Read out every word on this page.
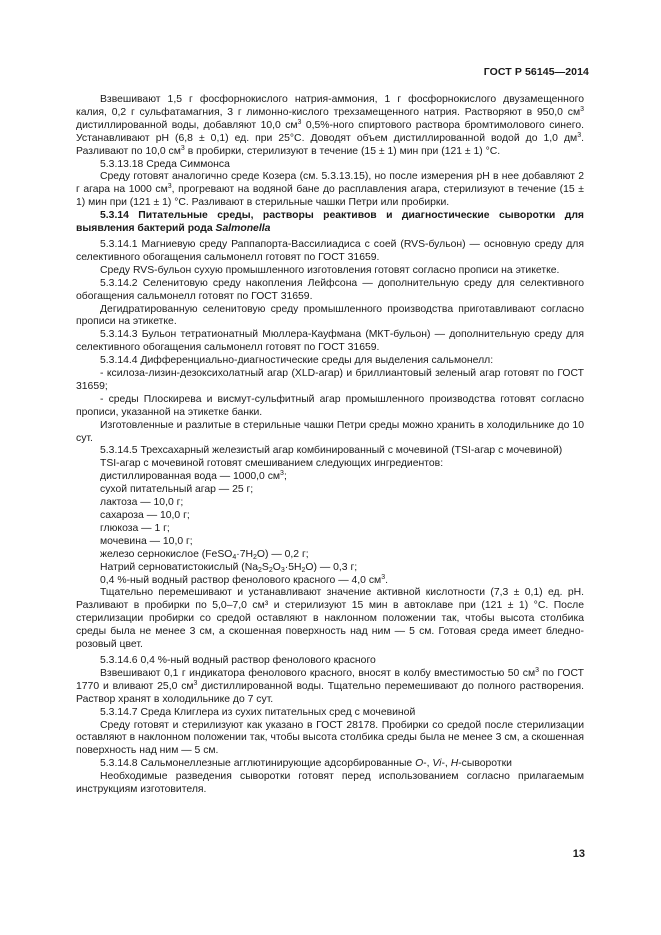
ГОСТ Р 56145—2014

Взвешивают 1,5 г фосфорнокислого натрия-аммония, 1 г фосфорнокислого двузамещенного калия, 0,2 г сульфатамагния, 3 г лимонно-кислого трехзамещенного натрия. Растворяют в 950,0 $см^3$ дистиллированной воды, добавляют 10,0 $см^3$ 0,5%-ного спиртового раствора бромтимолового синего. Устанавливают рН (6,8 ± 0,1) ед. при 25°С. Доводят объем дистиллированной водой до 1,0 $дм^3$. Разливают по 10,0 $см^3$ в пробирки, стерилизуют в течение (15 ± 1) мин при (121 ± 1) °С.

5.3.13.18 Среда Симмонса

Среду готовят аналогично среде Козера (см. 5.3.13.15), но после измерения рН в нее добавляют 2 г агара на 1000 $см^3$, прогревают на водяной бане до расплавления агара, стерилизуют в течение (15 ± 1) мин при (121 ± 1) °С. Разливают в стерильные чашки Петри или пробирки.

5.3.14 Питательные среды, растворы реактивов и диагностические сыворотки для выявления бактерий рода Salmonella

5.3.14.1 Магниевую среду Раппапорта-Вассилиадиса с соей (RVS-бульон) — основную среду для селективного обогащения сальмонелл готовят по ГОСТ 31659.

Среду RVS-бульон сухую промышленного изготовления готовят согласно прописи на этикетке.

5.3.14.2 Селенитовую среду накопления Лейфсона — дополнительную среду для селективного обогащения сальмонелл готовят по ГОСТ 31659.

Дегидратированную селенитовую среду промышленного производства приготавливают согласно прописи на этикетке.

5.3.14.3 Бульон тетратионатный Мюллера-Кауфмана (МКТ-бульон) — дополнительную среду для селективного обогащения сальмонелл готовят по ГОСТ 31659.

5.3.14.4 Дифференциально-диагностические среды для выделения сальмонелл:

- ксилоза-лизин-дезоксихолатный агар (XLD-агар) и бриллиантовый зеленый агар готовят по ГОСТ 31659;

- среды Плоскирева и висмут-сульфитный агар промышленного производства готовят согласно прописи, указанной на этикетке банки.

Изготовленные и разлитые в стерильные чашки Петри среды можно хранить в холодильнике до 10 сут.

5.3.14.5 Трехсахарный железистый агар комбинированный с мочевиной (TSI-агар с мочевиной)

TSI-агар с мочевиной готовят смешиванием следующих ингредиентов:

дистиллированная вода — 1000,0 $см^3$;

сухой питательный агар — 25 г;

лактоза — 10,0 г;

сахароза — 10,0 г;

глюкоза — 1 г;

мочевина — 10,0 г;

железо сернокислое $(FeSO_4\cdot 7H_2O)$ — 0,2 г;

Натрий серноватистокислый $(Na_2S_2O_3\cdot 5H_2O)$ — 0,3 г;

0,4 %-ный водный раствор фенолового красного — 4,0 $см^3$.

Тщательно перемешивают и устанавливают значение активной кислотности (7,3 ± 0,1) ед. рН. Разливают в пробирки по 5,0–7,0 см³ и стерилизуют 15 мин в автоклаве при (121 ± 1) °С. После стерилизации пробирки со средой оставляют в наклонном положении так, чтобы высота столбика среды была не менее 3 см, а скошенная поверхность над ним — 5 см. Готовая среда имеет бледно-розовый цвет.

5.3.14.6 0,4 %-ный водный раствор фенолового красного

Взвешивают 0,1 г индикатора фенолового красного, вносят в колбу вместимостью 50 $см^3$ по ГОСТ 1770 и вливают 25,0 $см^3$ дистиллированной воды. Тщательно перемешивают до полного растворения. Раствор хранят в холодильнике до 7 сут.

5.3.14.7 Среда Клиглера из сухих питательных сред с мочевиной

Среду готовят и стерилизуют как указано в ГОСТ 28178. Пробирки со средой после стерилизации оставляют в наклонном положении так, чтобы высота столбика среды была не менее 3 см, а скошенная поверхность над ним — 5 см.

5.3.14.8 Сальмонеллезные агглютинирующие адсорбированные O-, Vi-, H-сыворотки

Необходимые разведения сыворотки готовят перед использованием согласно прилагаемым инструкциям изготовителя.

13
